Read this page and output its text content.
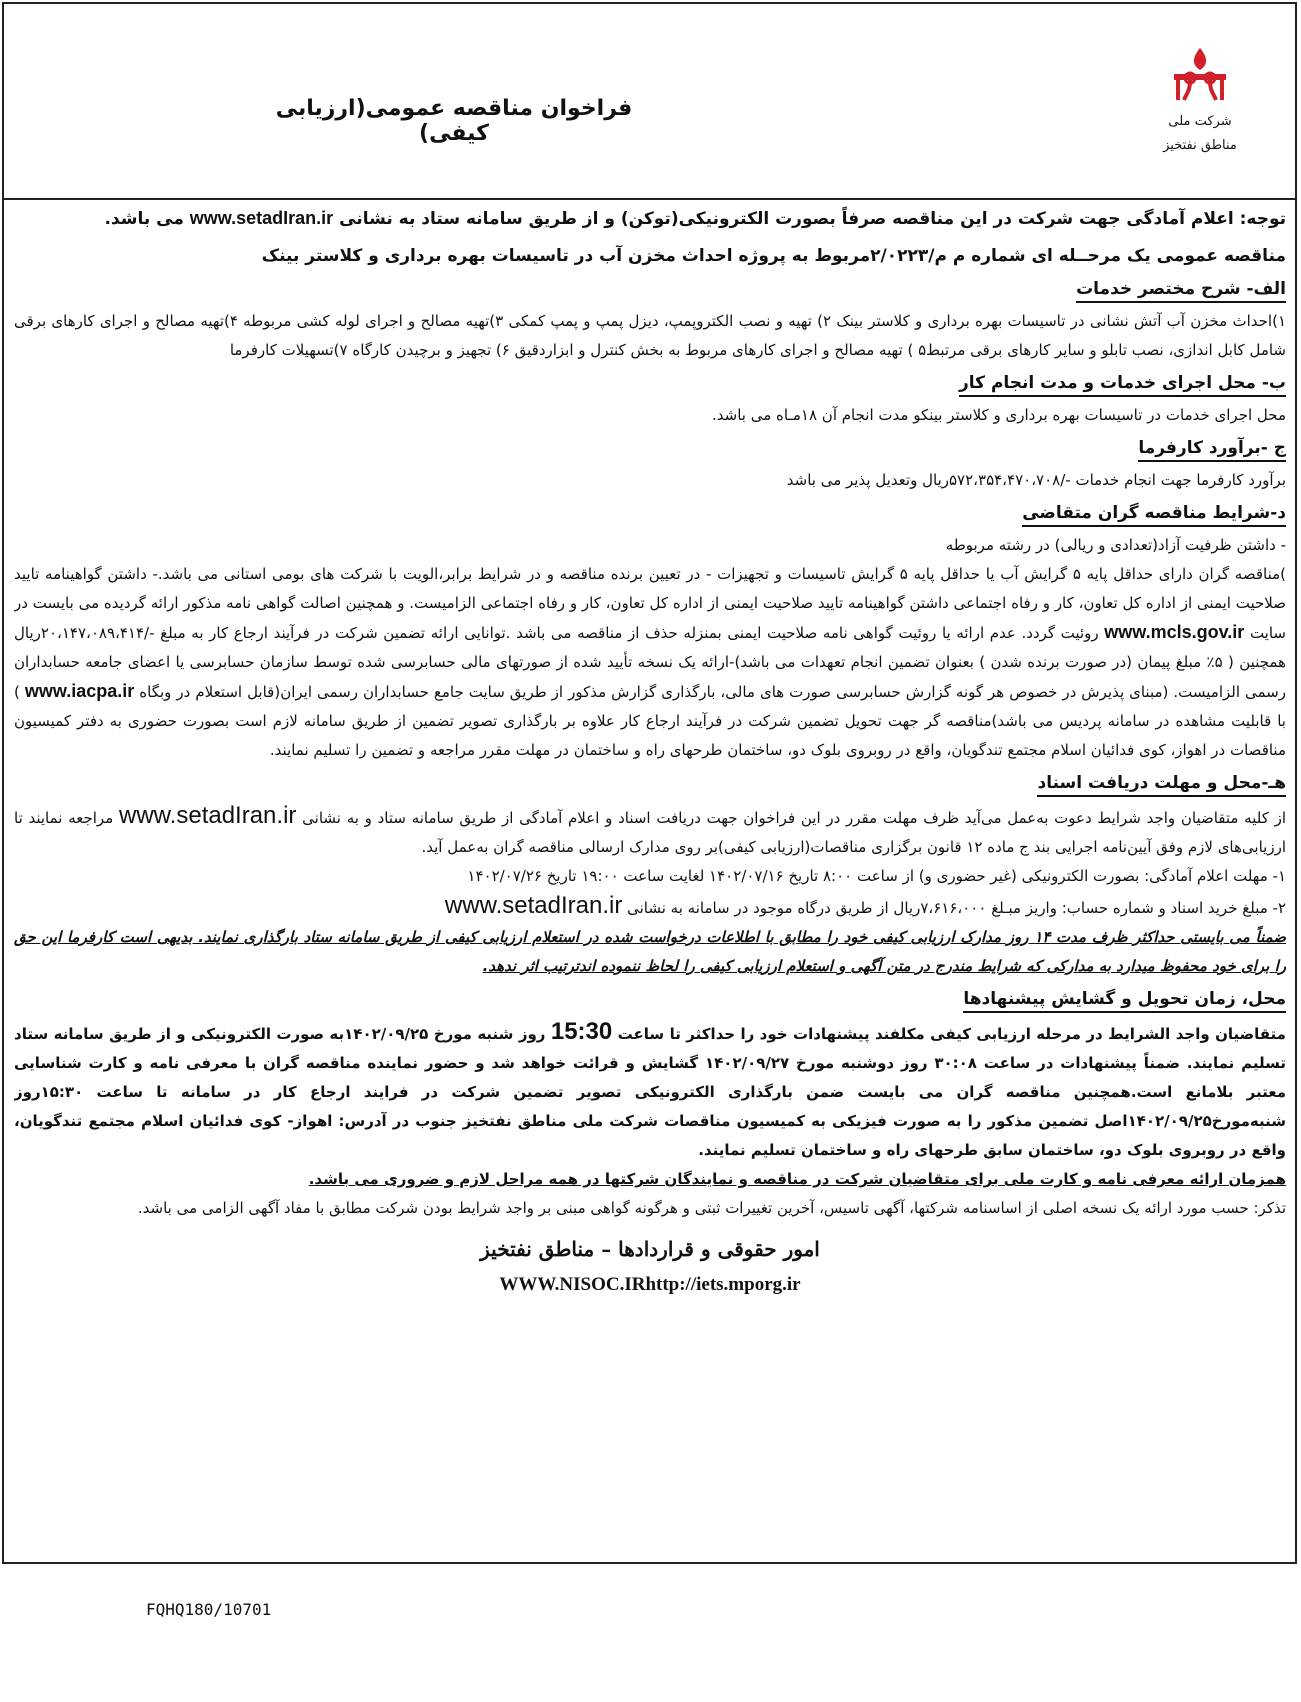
فراخوان مناقصه عمومی(ارزیابی کیفی)	شرکت ملی
مناطق نفتخیز

توجه: اعلام آمادگی جهت شرکت در این مناقصه صرفاً بصورت الکترونیکی(توکن) و از طریق سامانه ستاد به نشانی www.setadIran.ir می باشد.

مناقصه عمومی یک مرحــله ای شماره م م/۲/۰۲۲۳مربوط به پروژه احداث مخزن آب در تاسیسات بهره برداری و کلاستر بینک

الف- شرح مختصر خدمات

۱)احداث مخزن آب آتش نشانی در تاسیسات بهره برداری و کلاستر بینک ۲) تهیه و نصب الکتروپمپ، دیزل پمپ و پمپ کمکی ۳)تهیه مصالح و اجرای لوله کشی مربوطه ۴)تهیه مصالح و اجرای کارهای برقی شامل کابل اندازی، نصب تابلو و سایر کارهای برقی مرتبط۵ ) تهیه مصالح و اجرای کارهای مربوط به بخش کنترل و ابزاردقیق ۶) تجهیز و برچیدن کارگاه ۷)تسهیلات کارفرما

ب- محل اجرای خدمات و مدت انجام کار

محل اجرای خدمات در تاسیسات بهره برداری و کلاستر بینکو مدت انجام آن ۱۸مـاه می باشد.

ج -برآورد کارفرما

برآورد کارفرما جهت انجام خدمات -/۵۷۲،۳۵۴،۴۷۰،۷۰۸ریال وتعدیل پذیر می باشد

د-شرایط مناقصه گران متقاضی

- داشتن ظرفیت آزاد(تعدادی و ریالی) در رشته مربوطه

)مناقصه گران دارای حداقل پایه ۵ گرایش آب یا حداقل پایه ۵ گرایش تاسیسات و تجهیزات - در تعیین برنده مناقصه و در شرایط برابر،الویت با شرکت های بومی استانی می باشد.- داشتن گواهینامه تایید صلاحیت ایمنی از اداره کل تعاون، کار و رفاه اجتماعی داشتن گواهینامه تایید صلاحیت ایمنی از اداره کل تعاون، کار و رفاه اجتماعی الزامیست. و همچنین اصالت گواهی نامه مذکور ارائه گردیده می بایست در سایت www.mcls.gov.ir روئیت گردد. عدم ارائه یا روئیت گواهی نامه صلاحیت ایمنی بمنزله حذف از مناقصه می باشد .توانایی ارائه تضمین شرکت در فرآیند ارجاع کار به مبلغ -/۲۰،۱۴۷،۰۸۹،۴۱۴ریال همچنین ( ۵٪ مبلغ پیمان (در صورت برنده شدن ) بعنوان تضمین انجام تعهدات می باشد)-ارائه یک نسخه تأیید شده از صورتهای مالی حسابرسی شده توسط سازمان حسابرسی یا اعضای جامعه حسابداران رسمی الزامیست. (مبنای پذیرش در خصوص هر گونه گزارش حسابرسی صورت های مالی، بارگذاری گزارش مذکور از طریق سایت جامع حسابداران رسمی ایران(قابل استعلام در وبگاه www.iacpa.ir ) با قابلیت مشاهده در سامانه پردیس می باشد)مناقصه گر جهت تحویل تضمین شرکت در فرآیند ارجاع کار علاوه بر بارگذاری تصویر تضمین از طریق سامانه لازم است بصورت حضوری به دفتر کمیسیون مناقصات در اهواز، کوی فدائیان اسلام مجتمع تندگویان، واقع در روبروی بلوک دو، ساختمان طرحهای راه و ساختمان در مهلت مقرر مراجعه و تضمین را تسلیم نمایند.

هـ-محل و مهلت دریافت اسناد

از کلیه متقاضیان واجد شرایط دعوت به‌عمل می‌آید ظرف مهلت مقرر در این فراخوان جهت دریافت اسناد و اعلام آمادگی از طریق سامانه ستاد و به نشانی www.setadIran.ir مراجعه نمایند تا ارزیابی‌های لازم وفق آیین‌نامه اجرایی بند ج ماده ۱۲ قانون برگزاری مناقصات(ارزیابی کیفی)بر روی مدارک ارسالی مناقصه گران به‌عمل آید.

۱- مهلت اعلام آمادگی: بصورت الکترونیکی (غیر حضوری و) از ساعت ۸:۰۰ تاریخ ۱۴۰۲/۰۷/۱۶ لغایت ساعت ۱۹:۰۰ تاریخ ۱۴۰۲/۰۷/۲۶

۲- مبلغ خرید اسناد و شماره حساب: واریز مبـلغ ۷،۶۱۶،۰۰۰ریال از طریق درگاه موجود در سامانه به نشانی www.setadIran.ir

ضمناً می بایستی حداکثر ظرف مدت ۱۴ روز مدارک ارزیابی کیفی خود را مطابق با اطلاعات درخواست شده در استعلام ارزیابی کیفی از طریق سامانه ستاد بارگذاری نمایند. بدیهی است کارفرما این حق را برای خود محفوظ میدارد به مدارکی که شرایط مندرج در متن آگهی و استعلام ارزیابی کیفی را لحاظ ننموده اندترتیب اثر ندهد.

محل، زمان تحویل و گشایش پیشنهادها

متقاضیان واجد الشرایط در مرحله ارزیابی کیفی مکلفند پیشنهادات خود را حداکثر تا ساعت 15:30 روز شنبه مورخ ۱۴۰۲/۰۹/۲۵به صورت الکترونیکی و از طریق سامانه ستاد تسلیم نمایند. ضمناً پیشنهادات در ساعت ۳۰:۰۸ روز دوشنبه مورخ ۱۴۰۲/۰۹/۲۷ گشایش و قرائت خواهد شد و حضور نماینده مناقصه گران با معرفی نامه و کارت شناسایی معتبر بلامانع است.همچنین مناقصه گران می بایست ضمن بارگذاری الکترونیکی تصویر تضمین شرکت در فرایند ارجاع کار در سامانه تا ساعت ۱۵:۳۰روز شنبه‌مورخ۱۴۰۲/۰۹/۲۵اصل تضمین مذکور را به صورت فیزیکی به کمیسیون مناقصات شرکت ملی مناطق نفتخیز جنوب در آدرس: اهواز- کوی فدائیان اسلام مجتمع تندگویان، واقع در روبروی بلوک دو، ساختمان سابق طرحهای راه و ساختمان تسلیم نمایند.

همزمان ارائه معرفی نامه و کارت ملی برای متقاضیان شرکت در مناقصه و نمایندگان شرکتها در همه مراحل لازم و ضروری می باشد.

تذکر: حسب مورد ارائه یک نسخه اصلی از اساسنامه شرکتها، آگهی تاسیس، آخرین تغییرات ثبتی و هرگونه گواهی مبنی بر واجد شرایط بودن شرکت مطابق با مفاد آگهی الزامی می باشد.

امور حقوقی و قراردادها – مناطق نفتخیز
WWW.NISOC.IRhttp://iets.mporg.ir
FQHQ180/10701
